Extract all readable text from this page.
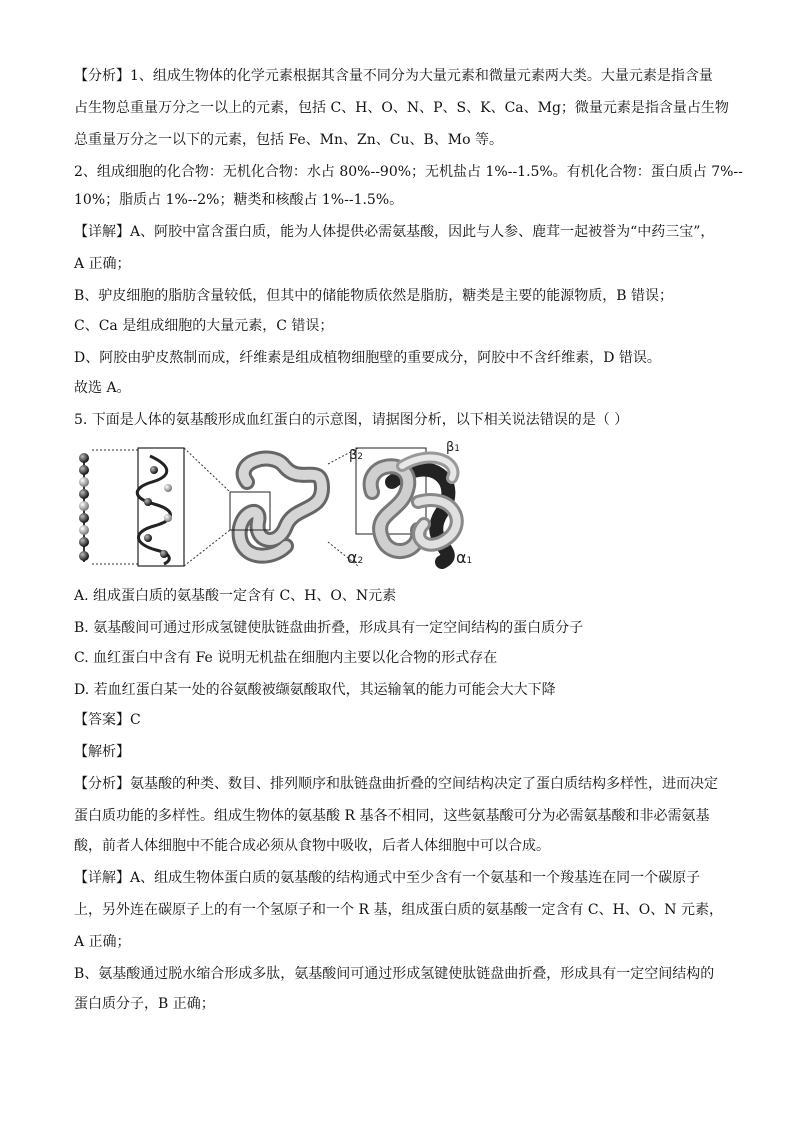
【分析】1、组成生物体的化学元素根据其含量不同分为大量元素和微量元素两大类。大量元素是指含量
占生物总重量万分之一以上的元素，包括 C、H、O、N、P、S、K、Ca、Mg；微量元素是指含量占生物
总重量万分之一以下的元素，包括 Fe、Mn、Zn、Cu、B、Mo 等。
2、组成细胞的化合物：无机化合物：水占 80%--90%；无机盐占 1%--1.5%。有机化合物：蛋白质占 7%--
10%；脂质占 1%--2%；糖类和核酸占 1%--1.5%。
【详解】A、阿胶中富含蛋白质，能为人体提供必需氨基酸，因此与人参、鹿茸一起被誉为“中药三宝”，
A 正确；
B、驴皮细胞的脂肪含量较低，但其中的储能物质依然是脂肪，糖类是主要的能源物质，B 错误；
C、Ca 是组成细胞的大量元素，C 错误；
D、阿胶由驴皮熬制而成，纤维素是组成植物细胞壁的重要成分，阿胶中不含纤维素，D 错误。
故选 A。
5. 下面是人体的氨基酸形成血红蛋白的示意图，请据图分析，以下相关说法错误的是（ ）
β2
β1
α2	α1
A. 组成蛋白质的氨基酸一定含有 C、H、O、N元素
B. 氨基酸间可通过形成氢键使肽链盘曲折叠，形成具有一定空间结构的蛋白质分子
C. 血红蛋白中含有 Fe 说明无机盐在细胞内主要以化合物的形式存在
D. 若血红蛋白某一处的谷氨酸被缬氨酸取代，其运输氧的能力可能会大大下降
【答案】C
【解析】
【分析】氨基酸的种类、数目、排列顺序和肽链盘曲折叠的空间结构决定了蛋白质结构多样性，进而决定
蛋白质功能的多样性。组成生物体的氨基酸 R 基各不相同，这些氨基酸可分为必需氨基酸和非必需氨基
酸，前者人体细胞中不能合成必须从食物中吸收，后者人体细胞中可以合成。
【详解】A、组成生物体蛋白质的氨基酸的结构通式中至少含有一个氨基和一个羧基连在同一个碳原子
上，另外连在碳原子上的有一个氢原子和一个 R 基，组成蛋白质的氨基酸一定含有 C、H、O、N 元素，
A 正确；
B、氨基酸通过脱水缩合形成多肽，氨基酸间可通过形成氢键使肽链盘曲折叠，形成具有一定空间结构的
蛋白质分子，B 正确；
